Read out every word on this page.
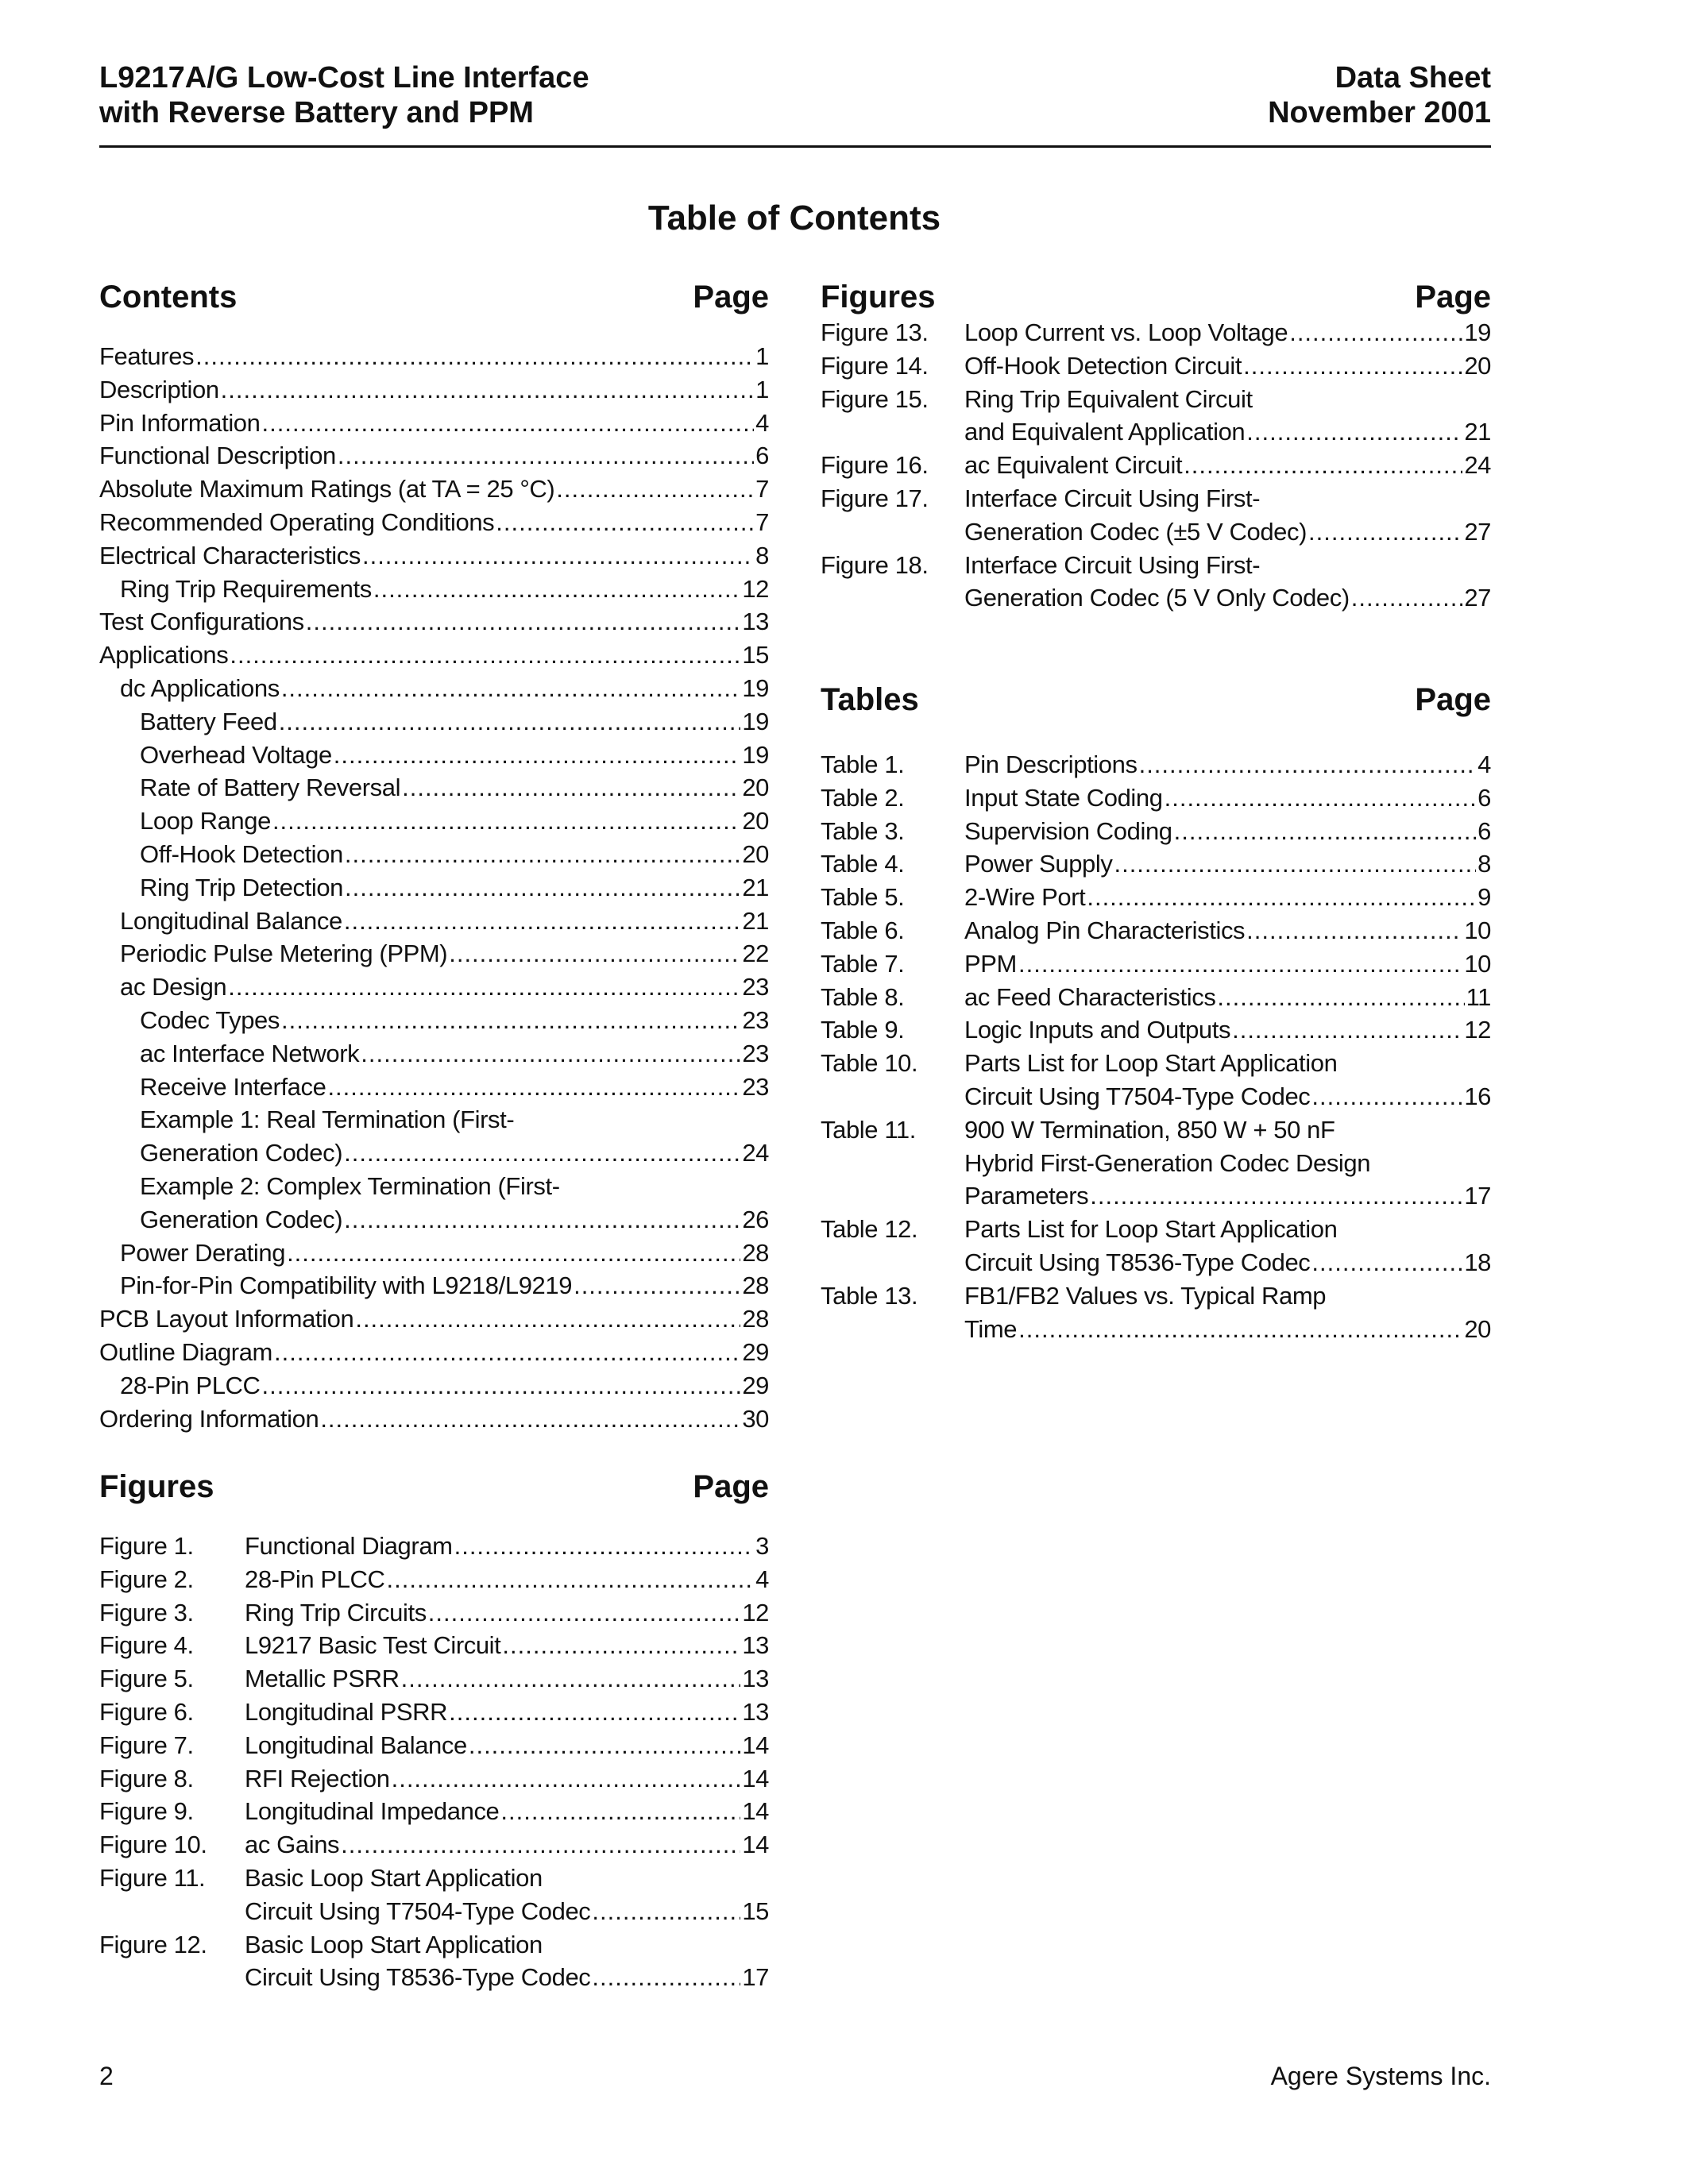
L9217A/G Low-Cost Line Interface
with Reverse Battery and PPM
Data Sheet
November 2001
Table of Contents
Contents	Page
Features .....	1
Description .....	1
Pin Information .....	4
Functional Description .....	6
Absolute Maximum Ratings (at TA = 25 °C) .....	7
Recommended Operating Conditions .....	7
Electrical Characteristics .....	8
Ring Trip Requirements .....	12
Test Configurations .....	13
Applications .....	15
dc Applications .....	19
Battery Feed .....	19
Overhead Voltage .....	19
Rate of Battery Reversal .....	20
Loop Range .....	20
Off-Hook Detection .....	20
Ring Trip Detection .....	21
Longitudinal Balance .....	21
Periodic Pulse Metering (PPM) .....	22
ac Design .....	23
Codec Types .....	23
ac Interface Network .....	23
Receive Interface .....	23
Example 1: Real Termination (First-
Generation Codec) .....	24
Example 2: Complex Termination (First-
Generation Codec) .....	26
Power Derating .....	28
Pin-for-Pin Compatibility with L9218/L9219 .....	28
PCB Layout Information .....	28
Outline Diagram .....	29
28-Pin PLCC .....	29
Ordering Information .....	30
Figures	Page
Figure 1.	Functional Diagram .....	3
Figure 2.	28-Pin PLCC .....	4
Figure 3.	Ring Trip Circuits .....	12
Figure 4.	L9217 Basic Test Circuit .....	13
Figure 5.	Metallic PSRR .....	13
Figure 6.	Longitudinal PSRR .....	13
Figure 7.	Longitudinal Balance .....	14
Figure 8.	RFI Rejection .....	14
Figure 9.	Longitudinal Impedance .....	14
Figure 10.	ac Gains .....	14
Figure 11.	Basic Loop Start Application
Circuit Using T7504-Type Codec .....	15
Figure 12.	Basic Loop Start Application
Circuit Using T8536-Type Codec .....	17
Figures	Page
Figure 13.	Loop Current vs. Loop Voltage .....	19
Figure 14.	Off-Hook Detection Circuit .....	20
Figure 15.	Ring Trip Equivalent Circuit
and Equivalent Application .....	21
Figure 16.	ac Equivalent Circuit .....	24
Figure 17.	Interface Circuit Using First-
Generation Codec (±5 V Codec) .....	27
Figure 18.	Interface Circuit Using First-
Generation Codec (5 V Only Codec) .....	27
Tables	Page
Table 1.	Pin Descriptions .....	4
Table 2.	Input State Coding .....	6
Table 3.	Supervision Coding .....	6
Table 4.	Power Supply .....	8
Table 5.	2-Wire Port .....	9
Table 6.	Analog Pin Characteristics .....	10
Table 7.	PPM .....	10
Table 8.	ac Feed Characteristics .....	11
Table 9.	Logic Inputs and Outputs .....	12
Table 10.	Parts List for Loop Start Application
Circuit Using T7504-Type Codec .....	16
Table 11.	900 W Termination, 850 W + 50 nF
Hybrid First-Generation Codec Design
Parameters .....	17
Table 12.	Parts List for Loop Start Application
Circuit Using T8536-Type Codec .....	18
Table 13.	FB1/FB2 Values vs. Typical Ramp
Time .....	20
2	Agere Systems Inc.
